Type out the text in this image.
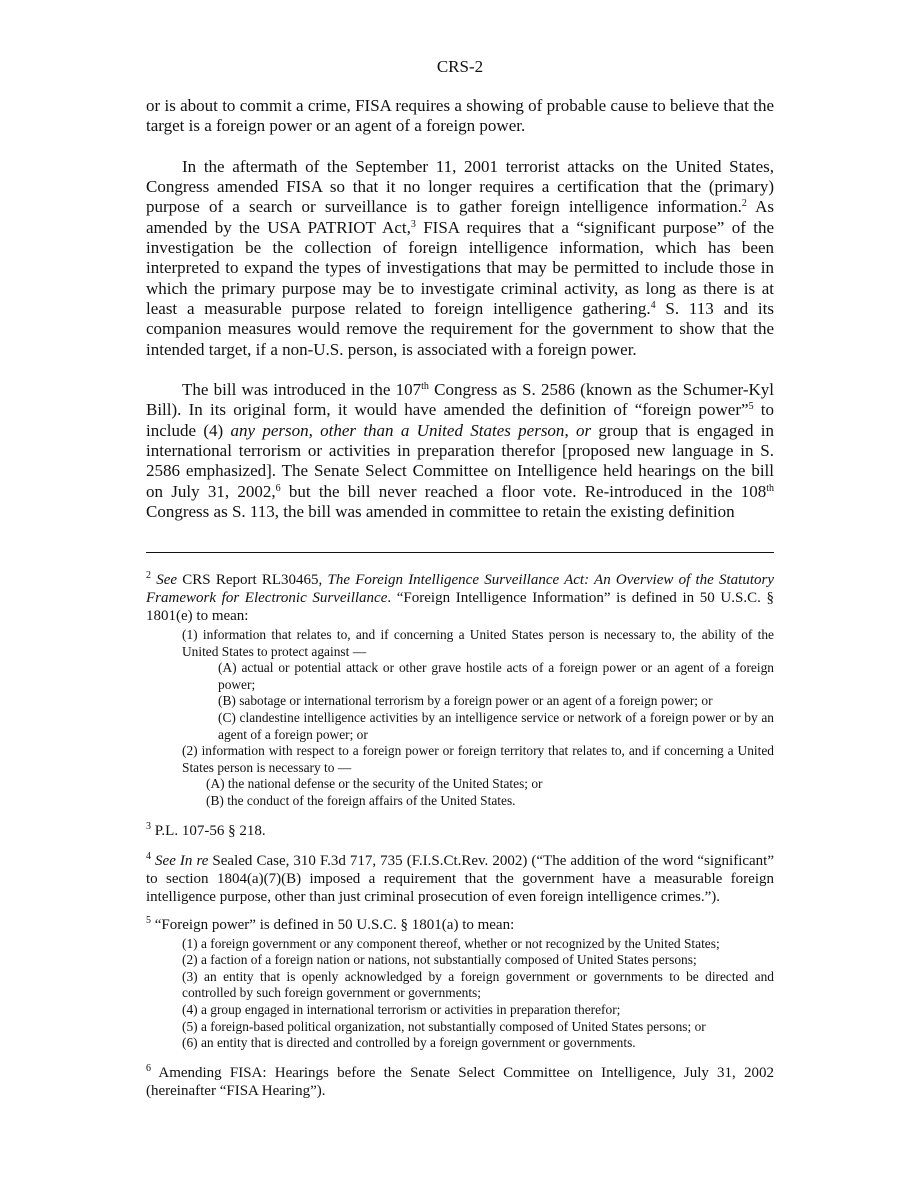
CRS-2

or is about to commit a crime, FISA requires a showing of probable cause to believe that the target is a foreign power or an agent of a foreign power.

In the aftermath of the September 11, 2001 terrorist attacks on the United States, Congress amended FISA so that it no longer requires a certification that the (primary) purpose of a search or surveillance is to gather foreign intelligence information.$^2$ As amended by the USA PATRIOT Act,$^3$ FISA requires that a “significant purpose” of the investigation be the collection of foreign intelligence information, which has been interpreted to expand the types of investigations that may be permitted to include those in which the primary purpose may be to investigate criminal activity, as long as there is at least a measurable purpose related to foreign intelligence gathering.$^4$ S. 113 and its companion measures would remove the requirement for the government to show that the intended target, if a non-U.S. person, is associated with a foreign power.

The bill was introduced in the 107th Congress as S. 2586 (known as the Schumer-Kyl Bill). In its original form, it would have amended the definition of “foreign power”$^5$ to include (4) any person, other than a United States person, or group that is engaged in international terrorism or activities in preparation therefor [proposed new language in S. 2586 emphasized]. The Senate Select Committee on Intelligence held hearings on the bill on July 31, 2002,$^6$ but the bill never reached a floor vote. Re-introduced in the 108th Congress as S. 113, the bill was amended in committee to retain the existing definition

$^2$ See CRS Report RL30465, The Foreign Intelligence Surveillance Act: An Overview of the Statutory Framework for Electronic Surveillance. “Foreign Intelligence Information” is defined in 50 U.S.C. § 1801(e) to mean:

(1) information that relates to, and if concerning a United States person is necessary to, the ability of the United States to protect against —

(A) actual or potential attack or other grave hostile acts of a foreign power or an agent of a foreign power;

(B) sabotage or international terrorism by a foreign power or an agent of a foreign power; or

(C) clandestine intelligence activities by an intelligence service or network of a foreign power or by an agent of a foreign power; or

(2) information with respect to a foreign power or foreign territory that relates to, and if concerning a United States person is necessary to —

(A) the national defense or the security of the United States; or

(B) the conduct of the foreign affairs of the United States.

$^3$ P.L. 107-56 § 218.

$^4$ See In re Sealed Case, 310 F.3d 717, 735 (F.I.S.Ct.Rev. 2002) (“The addition of the word “significant” to section 1804(a)(7)(B) imposed a requirement that the government have a measurable foreign intelligence purpose, other than just criminal prosecution of even foreign intelligence crimes.”).

$^5$ “Foreign power” is defined in 50 U.S.C. § 1801(a) to mean:

(1) a foreign government or any component thereof, whether or not recognized by the United States;

(2) a faction of a foreign nation or nations, not substantially composed of United States persons;

(3) an entity that is openly acknowledged by a foreign government or governments to be directed and controlled by such foreign government or governments;

(4) a group engaged in international terrorism or activities in preparation therefor;

(5) a foreign-based political organization, not substantially composed of United States persons; or

(6) an entity that is directed and controlled by a foreign government or governments.

$^6$ Amending FISA: Hearings before the Senate Select Committee on Intelligence, July 31, 2002 (hereinafter “FISA Hearing”).
